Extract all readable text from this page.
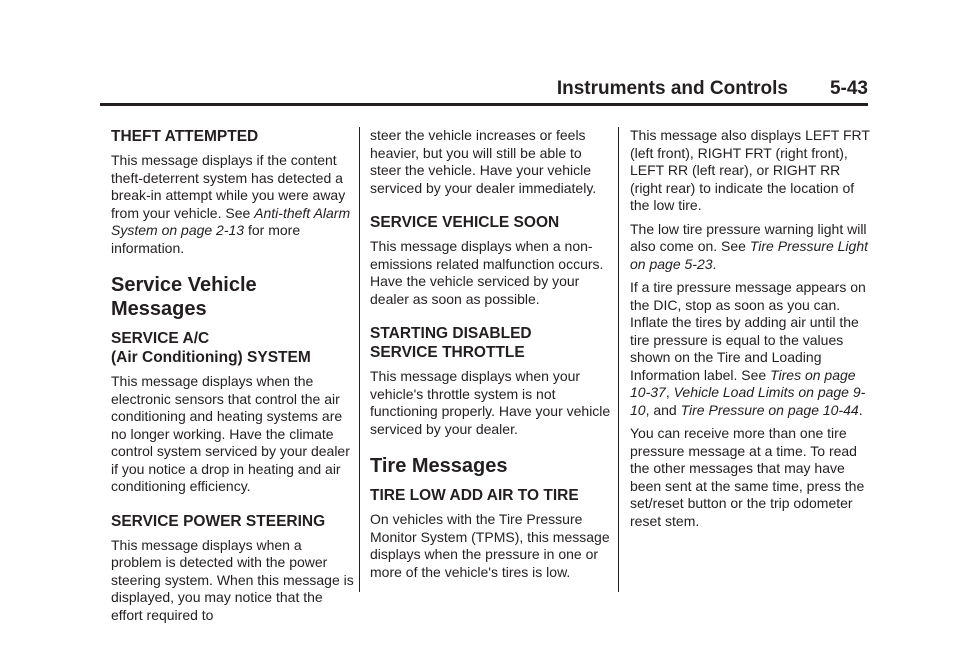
Instruments and Controls 5-43
THEFT ATTEMPTED

This message displays if the content theft-deterrent system has detected a break-in attempt while you were away from your vehicle. See Anti-theft Alarm System on page 2-13 for more information.

Service Vehicle Messages
SERVICE A/C
(Air Conditioning) SYSTEM

This message displays when the electronic sensors that control the air conditioning and heating systems are no longer working. Have the climate control system serviced by your dealer if you notice a drop in heating and air conditioning efficiency.

SERVICE POWER STEERING

This message displays when a problem is detected with the power steering system. When this message is displayed, you may notice that the effort required to

steer the vehicle increases or feels heavier, but you will still be able to steer the vehicle. Have your vehicle serviced by your dealer immediately.

SERVICE VEHICLE SOON

This message displays when a non-emissions related malfunction occurs. Have the vehicle serviced by your dealer as soon as possible.

STARTING DISABLED
SERVICE THROTTLE

This message displays when your vehicle's throttle system is not functioning properly. Have your vehicle serviced by your dealer.

Tire Messages
TIRE LOW ADD AIR TO TIRE

On vehicles with the Tire Pressure Monitor System (TPMS), this message displays when the pressure in one or more of the vehicle's tires is low.

This message also displays LEFT FRT (left front), RIGHT FRT (right front), LEFT RR (left rear), or RIGHT RR (right rear) to indicate the location of the low tire.

The low tire pressure warning light will also come on. See Tire Pressure Light on page 5-23.

If a tire pressure message appears on the DIC, stop as soon as you can. Inflate the tires by adding air until the tire pressure is equal to the values shown on the Tire and Loading Information label. See Tires on page 10-37, Vehicle Load Limits on page 9-10, and Tire Pressure on page 10-44.

You can receive more than one tire pressure message at a time. To read the other messages that may have been sent at the same time, press the set/reset button or the trip odometer reset stem.
